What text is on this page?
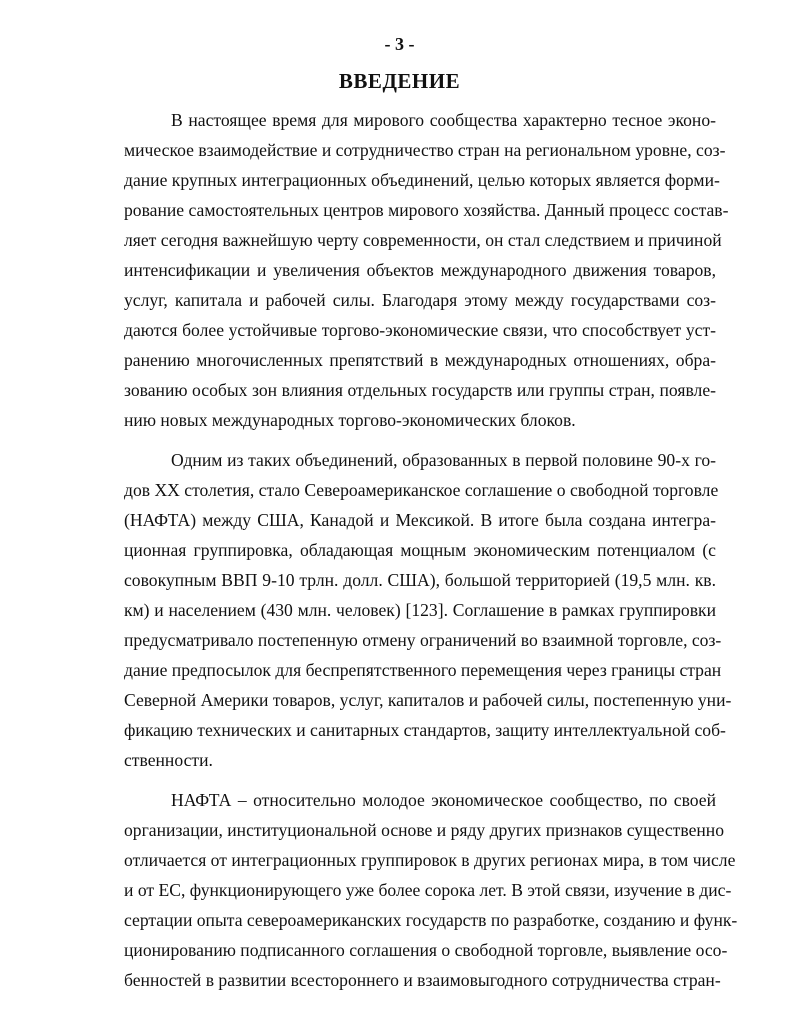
- 3 -
ВВЕДЕНИЕ
В настоящее время для мирового сообщества характерно тесное эконо-
мическое взаимодействие и сотрудничество стран на региональном уровне, соз-
дание крупных интеграционных объединений, целью которых является форми-
рование самостоятельных центров мирового хозяйства. Данный процесс состав-
ляет сегодня важнейшую черту современности, он стал следствием и причиной
интенсификации и увеличения объектов международного движения товаров,
услуг, капитала и рабочей силы. Благодаря этому между государствами соз-
даются более устойчивые торгово-экономические связи, что способствует уст-
ранению многочисленных препятствий в международных отношениях, обра-
зованию особых зон влияния отдельных государств или группы стран, появле-
нию новых международных торгово-экономических блоков.
Одним из таких объединений, образованных в первой половине 90-х го-
дов XX столетия, стало Североамериканское соглашение о свободной торговле
(НАФТА) между США, Канадой и Мексикой. В итоге была создана интегра-
ционная группировка, обладающая мощным экономическим потенциалом (с
совокупным ВВП 9-10 трлн. долл. США), большой территорией (19,5 млн. кв.
км) и населением (430 млн. человек) [123]. Соглашение в рамках группировки
предусматривало постепенную отмену ограничений во взаимной торговле, соз-
дание предпосылок для беспрепятственного перемещения через границы стран
Северной Америки товаров, услуг, капиталов и рабочей силы, постепенную уни-
фикацию технических и санитарных стандартов, защиту интеллектуальной соб-
ственности.
НАФТА – относительно молодое экономическое сообщество, по своей
организации, институциональной основе и ряду других признаков существенно
отличается от интеграционных группировок в других регионах мира, в том числе
и от ЕС, функционирующего уже более сорока лет. В этой связи, изучение в дис-
сертации опыта североамериканских государств по разработке, созданию и функ-
ционированию подписанного соглашения о свободной торговле, выявление осо-
бенностей в развитии всестороннего и взаимовыгодного сотрудничества стран-
